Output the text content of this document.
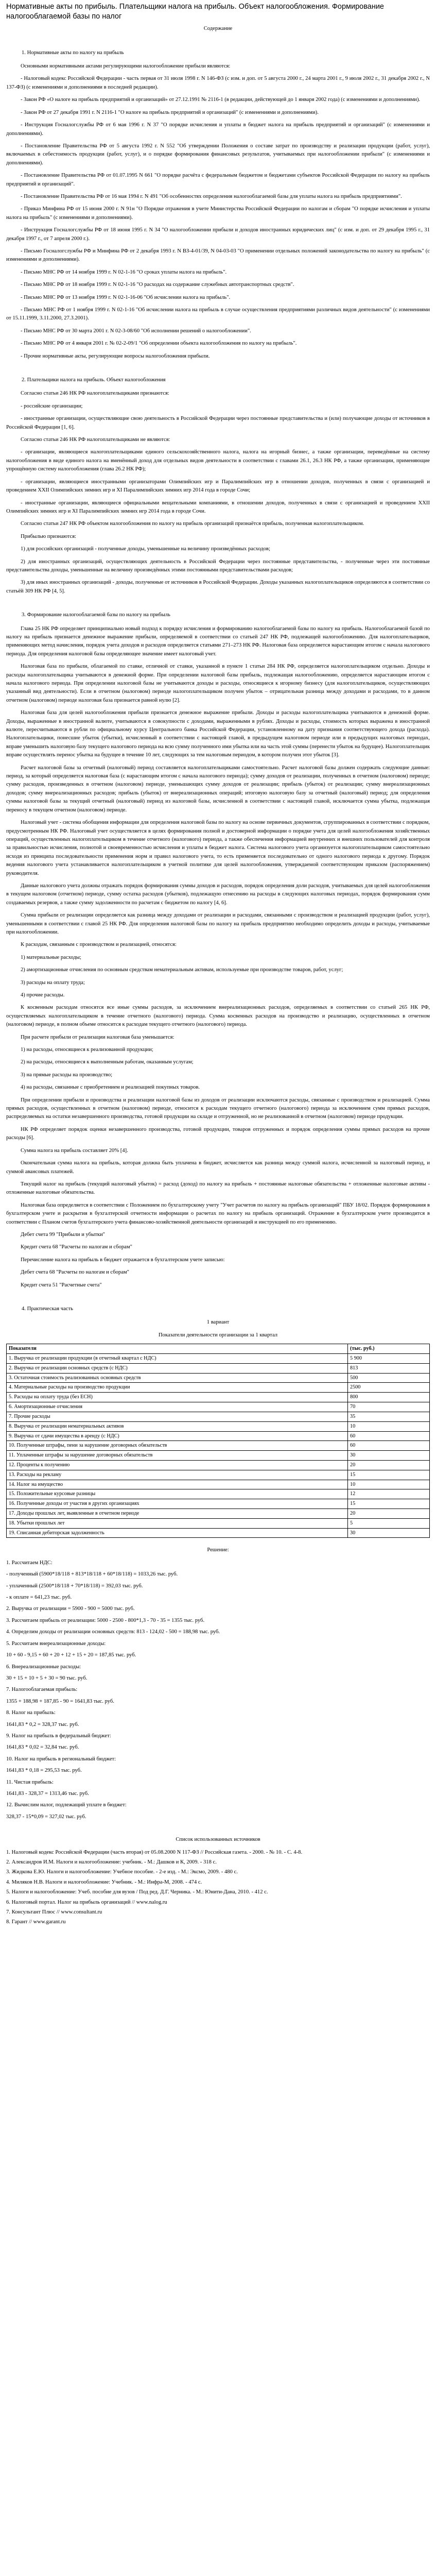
Нормативные акты по прибыль. Плательщики налога на прибыль. Объект налогообложения. Формирование налогооблагаемой базы по налог
Содержание
1. Нормативные акты по налогу на прибыль
Основными нормативными актами регулирующими налогообложение прибыли являются:
- Налоговый кодекс Российской Федерации - часть первая от 31 июля 1998 г. N 146-ФЗ (с изм. и доп. от 5 августа 2000 г., 24 марта 2001 г., 9 июля 2002 г., 31 декабря 2002 г., N 137-ФЗ) (с изменениями и дополнениями в последней редакции).
- Закон РФ «О налоге на прибыль предприятий и организаций» от 27.12.1991 № 2116-1 (в редакции, действующей до 1 января 2002 года) (с изменениями и дополнениями).
- Закон РФ от 27 декабря 1991 г. N 2116-1 "О налоге на прибыль предприятий и организаций" (с изменениями и дополнениями).
- Инструкция Госналогслужбы РФ от 6 мая 1996 г. N 37 "О порядке исчисления и уплаты в бюджет налога на прибыль предприятий и организаций" (с изменениями и дополнениями).
- Постановление Правительства РФ от 5 августа 1992 г. N 552 "Об утверждении Положения о составе затрат по производству и реализации продукции (работ, услуг), включаемых в себестоимость продукции (работ, услуг), и о порядке формирования финансовых результатов, учитываемых при налогообложении прибыли" (с изменениями и дополнениями).
- Постановление Правительства РФ от 01.07.1995 N 661 "О порядке расчёта с федеральным бюджетом и бюджетами субъектов Российской Федерации по налогу на прибыль предприятий и организаций".
- Постановление Правительства РФ от 16 мая 1994 г. N 491 "Об особенностях определения налогооблагаемой базы для уплаты налога на прибыль предприятиями".
- Приказ Минфина РФ от 15 июня 2000 г. N 91н "О Порядке отражения в учете Министерства Российской Федерации по налогам и сборам "О порядке исчисления и уплаты налога на прибыль" (с изменениями и дополнениями).
- Инструкция Госналогслужбы РФ от 18 июня 1995 г. N 34 "О налогообложении прибыли и доходов иностранных юридических лиц" (с изм. и доп. от 29 декабря 1995 г., 31 декабря 1997 г., от 7 апреля 2000 г.).
- Письмо Госналогслужбы РФ и Минфина РФ от 2 декабря 1993 г. N ВЗ-4-01/39, N 04-03-03 "О применении отдельных положений законодательства по налогу на прибыль" (с изменениями и дополнениями).
- Письмо МНС РФ от 14 ноября 1999 г. N 02-1-16 "О сроках уплаты налога на прибыль".
- Письмо МНС РФ от 18 ноября 1999 г. N 02-1-16 "О расходах на содержание служебных автотранспортных средств".
- Письмо МНС РФ от 13 ноября 1999 г. N 02-1-16-06 "Об исчислении налога на прибыль".
- Письмо МНС РФ от 1 ноября 1999 г. N 02-1-16 "Об исчислении налога на прибыль в случае осуществления предприятиями различных видов деятельности" (с изменениями от 15.11.1999, 3.11.2000, 27.3.2001).
- Письмо МНС РФ от 30 марта 2001 г. N 02-3-08/60 "Об исполнении решений о налогообложении".
- Письмо МНС РФ от 4 января 2001 г. № 02-2-09/1 "Об определении объекта налогообложения по налогу на прибыль".
- Прочие нормативные акты, регулирующие вопросы налогообложения прибыли.
2. Плательщики налога на прибыль. Объект налогообложения
Согласно статьи 246 НК РФ налогоплательщиками признаются:
- российские организации;
- иностранные организации, осуществляющие свою деятельность в Российской Федерации через постоянные представительства и (или) получающие доходы от источников в Российской Федерации [1, 6].
Согласно статьи 246 НК РФ налогоплательщиками не являются:
- организации, являющиеся налогоплательщиками единого сельскохозяйственного налога, налога на игорный бизнес, а также организации, переведённые на систему налогообложения в виде единого налога на вменённый доход для отдельных видов деятельности в соответствии с главами 26.1, 26.3 НК РФ, а также организации, применяющие упрощённую систему налогообложения (глава 26.2 НК РФ);
- организации, являющиеся иностранными организаторами Олимпийских игр и Паралимпийских игр в отношении доходов, полученных в связи с организацией и проведением XXII Олимпийских зимних игр и XI Паралимпийских зимних игр 2014 года в городе Сочи;
- иностранные организации, являющиеся официальными вещательными компаниями, в отношении доходов, полученных в связи с организацией и проведением XXII Олимпийских зимних игр и XI Паралимпийских зимних игр 2014 года в городе Сочи.
Согласно статьи 247 НК РФ объектом налогообложения по налогу на прибыль организаций признаётся прибыль, полученная налогоплательщиком.
Прибылью признаются:
1) для российских организаций - полученные доходы, уменьшенные на величину произведённых расходов;
2) для иностранных организаций, осуществляющих деятельность в Российской Федерации через постоянные представительства, - полученные через эти постоянные представительства доходы, уменьшенные на величину произведённых этими постоянными представительствами расходов;
3) для иных иностранных организаций - доходы, полученные от источников в Российской Федерации. Доходы указанных налогоплательщиков определяются в соответствии со статьёй 309 НК РФ [4, 5].
3. Формирование налогооблагаемой базы по налогу на прибыль
Глава 25 НК РФ определяет принципиально новый подход к порядку исчисления и формированию налогооблагаемой базы по налогу на прибыль. Налогооблагаемой базой по налогу на прибыль признается денежное выражение прибыли, определяемой в соответствии со статьей 247 НК РФ, подлежащей налогообложению. Для налогоплательщиков, применяющих метод начисления, порядок учета доходов и расходов определяется статьями 271–273 НК РФ. Налоговая база определяется нарастающим итогом с начала налогового периода. Для определения налоговой базы определяющее значение имеет налоговый учет.
Налоговая база по прибыли, облагаемой по ставке, отличной от ставки, указанной в пункте 1 статьи 284 НК РФ, определяется налогоплательщиком отдельно. Доходы и расходы налогоплательщика учитываются в денежной форме. При определении налоговой базы прибыль, подлежащая налогообложению, определяется нарастающим итогом с начала налогового периода. При определении налоговой базы не учитываются доходы и расходы, относящиеся к игорному бизнесу (для налогоплательщиков, осуществляющих указанный вид деятельности). Если в отчетном (налоговом) периоде налогоплательщиком получен убыток – отрицательная разница между доходами и расходами, то в данном отчетном (налоговом) периоде налоговая база признается равной нулю [2].
Налоговая база для целей налогообложения прибыли признается денежное выражение прибыли. Доходы и расходы налогоплательщика учитываются в денежной форме. Доходы, выраженные в иностранной валюте, учитываются в совокупности с доходами, выраженными в рублях. Доходы и расходы, стоимость которых выражена в иностранной валюте, пересчитываются в рубли по официальному курсу Центрального банка Российской Федерации, установленному на дату признания соответствующего дохода (расхода). Налогоплательщики, понесшие убыток (убытки), исчисленный в соответствии с настоящей главой, в предыдущем налоговом периоде или в предыдущих налоговых периодах, вправе уменьшить налоговую базу текущего налогового периода на всю сумму полученного ими убытка или на часть этой суммы (перенести убыток на будущее). Налогоплательщик вправе осуществлять перенос убытка на будущее в течение 10 лет, следующих за тем налоговым периодом, в котором получен этот убыток [3].
Расчет налоговой базы за отчетный (налоговый) период составляется налогоплательщиками самостоятельно. Расчет налоговой базы должен содержать следующие данные: период, за который определяется налоговая база (с нарастающим итогом с начала налогового периода); сумму доходов от реализации, полученных в отчетном (налоговом) периоде; сумму расходов, произведенных в отчетном (налоговом) периоде, уменьшающих сумму доходов от реализации; прибыль (убыток) от реализации; сумму внереализационных доходов; сумму внереализационных расходов; прибыль (убыток) от внереализационных операций; итоговую налоговую базу за отчетный (налоговый) период; для определения суммы налоговой базы за текущий отчетный (налоговый) период из налоговой базы, исчисленной в соответствии с настоящей главой, исключается сумма убытка, подлежащая переносу в текущем отчетном (налоговом) периоде.
Налоговый учет - система обобщения информации для определения налоговой базы по налогу на основе первичных документов, сгруппированных в соответствии с порядком, предусмотренным НК РФ. Налоговый учет осуществляется в целях формирования полной и достоверной информации о порядке учета для целей налогообложения хозяйственных операций, осуществленных налогоплательщиком в течение отчетного (налогового) периода, а также обеспечения информацией внутренних и внешних пользователей для контроля за правильностью исчисления, полнотой и своевременностью исчисления и уплаты в бюджет налога. Система налогового учета организуется налогоплательщиком самостоятельно исходя из принципа последовательности применения норм и правил налогового учета, то есть применяется последовательно от одного налогового периода к другому. Порядок ведения налогового учета устанавливается налогоплательщиком в учетной политике для целей налогообложения, утверждаемой соответствующим приказом (распоряжением) руководителя.
Данные налогового учета должны отражать порядок формирования суммы доходов и расходов, порядок определения доли расходов, учитываемых для целей налогообложения в текущем налоговом (отчетном) периоде, сумму остатка расходов (убытков), подлежащую отнесению на расходы в следующих налоговых периодах, порядок формирования сумм создаваемых резервов, а также сумму задолженности по расчетам с бюджетом по налогу [4, 6].
Сумма прибыли от реализации определяется как разница между доходами от реализации и расходами, связанными с производством и реализацией продукции (работ, услуг), уменьшенными в соответствии с главой 25 НК РФ. Для определения налоговой базы по налогу на прибыль предприятию необходимо определить доходы и расходы, учитываемые при налогообложении.
К расходам, связанным с производством и реализацией, относятся:
1) материальные расходы;
2) амортизационные отчисления по основным средствам нематериальным активам, используемые при производстве товаров, работ, услуг;
3) расходы на оплату труда;
4) прочие расходы.
К косвенным расходам относятся все иные суммы расходов, за исключением внереализационных расходов, определяемых в соответствии со статьей 265 НК РФ, осуществляемых налогоплательщиком в течение отчетного (налогового) периода. Сумма косвенных расходов на производство и реализацию, осуществленных в отчетном (налоговом) периоде, в полном объеме относится к расходам текущего отчетного (налогового) периода.
При расчете прибыли от реализации налоговая база уменьшается:
1) на расходы, относящиеся к реализованной продукции;
2) на расходы, относящиеся к выполненным работам, оказанным услугам;
3) на прямые расходы на производство;
4) на расходы, связанные с приобретением и реализацией покупных товаров.
При определении прибыли и производства и реализации налоговой базы из доходов от реализации исключаются расходы, связанные с производством и реализацией. Сумма прямых расходов, осуществленных в отчетном (налоговом) периоде, относится к расходам текущего отчетного (налогового) периода за исключением сумм прямых расходов, распределяемых на остатки незавершенного производства, готовой продукции на складе и отгруженной, но не реализованной в отчетном (налоговом) периоде продукции.
НК РФ определяет порядок оценки незавершенного производства, готовой продукции, товаров отгруженных и порядок определения суммы прямых расходов на прочие расходы [6].
Сумма налога на прибыль составляет 20% [4].
Окончательная сумма налога на прибыль, которая должна быть уплачена в бюджет, исчисляется как разница между суммой налога, исчисленной за налоговый период, и суммой авансовых платежей.
Текущий налог на прибыль (текущий налоговый убыток) = расход (доход) по налогу на прибыль + постоянные налоговые обязательства + отложенные налоговые активы - отложенные налоговые обязательства.
Налоговая база определяется в соответствии с Положением по бухгалтерскому учету "Учет расчетов по налогу на прибыль организаций" ПБУ 18/02. Порядок формирования в бухгалтерском учете и раскрытия в бухгалтерской отчетности информации о расчетах по налогу на прибыль организаций. Отражение в бухгалтерском учете производится в соответствии с Планом счетов бухгалтерского учета финансово-хозяйственной деятельности организаций и инструкцией по его применению.
Дебет счета 99 "Прибыли и убытки"
Кредит счета 68 "Расчеты по налогам и сборам"
Перечисление налога на прибыль в бюджет отражается в бухгалтерском учете записью:
Дебет счета 68 "Расчеты по налогам и сборам"
Кредит счета 51 "Расчетные счета"
4. Практическая часть
1 вариант
Показатели деятельности организации за 1 квартал
Показатели	(тыс. руб.)
1. Выручка от реализации продукции (в отчетный квартал с НДС)	5 900
2. Выручка от реализации основных средств (с НДС)	813
3. Остаточная стоимость реализованных основных средств	500
4. Материальные расходы на производство продукции	2500
5. Расходы на оплату труда (без ЕСН)	800
6. Амортизационные отчисления	70
7. Прочие расходы	35
8. Выручка от реализации нематериальных активов	10
9. Выручка от сдачи имущества в аренду (с НДС)	60
10. Полученные штрафы, пени за нарушение договорных обязательств	60
11. Уплаченные штрафы за нарушение договорных обязательств	30
12. Проценты к получению	20
13. Расходы на рекламу	15
14. Налог на имущество	10
15. Положительные курсовые разницы	12
16. Полученные доходы от участия в других организациях	15
17. Доходы прошлых лет, выявленные в отчетном периоде	20
18. Убытки прошлых лет	5
19. Списанная дебиторская задолженность	30
Решение:
1. Рассчитаем НДС:
- полученный (5900*18/118 + 813*18/118 + 60*18/118) = 1033,26 тыс. руб.
- уплаченный (2500*18/118 + 70*18/118) = 392,03 тыс. руб.
- к оплате = 641,23 тыс. руб.
2. Выручка от реализации = 5900 - 900 = 5000 тыс. руб.
3. Рассчитаем прибыль от реализации: 5000 - 2500 - 800*1,3 - 70 - 35 = 1355 тыс. руб.
4. Определим доходы от реализации основных средств: 813 - 124,02 - 500 = 188,98 тыс. руб.
5. Рассчитаем внереализационные доходы:
10 + 60 - 9,15 + 60 + 20 + 12 + 15 + 20 = 187,85 тыс. руб.
6. Внереализационные расходы:
30 + 15 + 10 + 5 + 30 = 90 тыс. руб.
7. Налогооблагаемая прибыль:
1355 + 188,98 + 187,85 - 90 = 1641,83 тыс. руб.
8. Налог на прибыль:
1641,83 * 0,2 = 328,37 тыс. руб.
9. Налог на прибыль в федеральный бюджет:
1641,83 * 0,02 = 32,84 тыс. руб.
10. Налог на прибыль в региональный бюджет:
1641,83 * 0,18 = 295,53 тыс. руб.
11. Чистая прибыль:
1641,83 - 328,37 = 1313,46 тыс. руб.
12. Вычислим налог, подлежащий уплате в бюджет:
328,37 - 15*0,09 = 327,02 тыс. руб.
Список использованных источников
1. Налоговый кодекс Российской Федерации (часть вторая) от 05.08.2000 N 117-ФЗ // Российская газета. - 2000. - № 10. - С. 4-8.
2. Александров И.М. Налоги и налогообложение: учебник. - М.: Дашков и К, 2009. - 318 с.
3. Жидкова Е.Ю. Налоги и налогообложение: Учебное пособие. - 2-е изд. - М.: Эксмо, 2009. - 480 с.
4. Миляков Н.В. Налоги и налогообложение: Учебник. - М.: Инфра-М, 2008. - 474 с.
5. Налоги и налогообложение: Учеб. пособие для вузов / Под ред. Д.Г. Черника. - М.: Юнити-Дана, 2010. - 412 с.
6. Налоговый портал. Налог на прибыль организаций // www.nalog.ru
7. Консультант Плюс // www.consultant.ru
8. Гарант // www.garant.ru
